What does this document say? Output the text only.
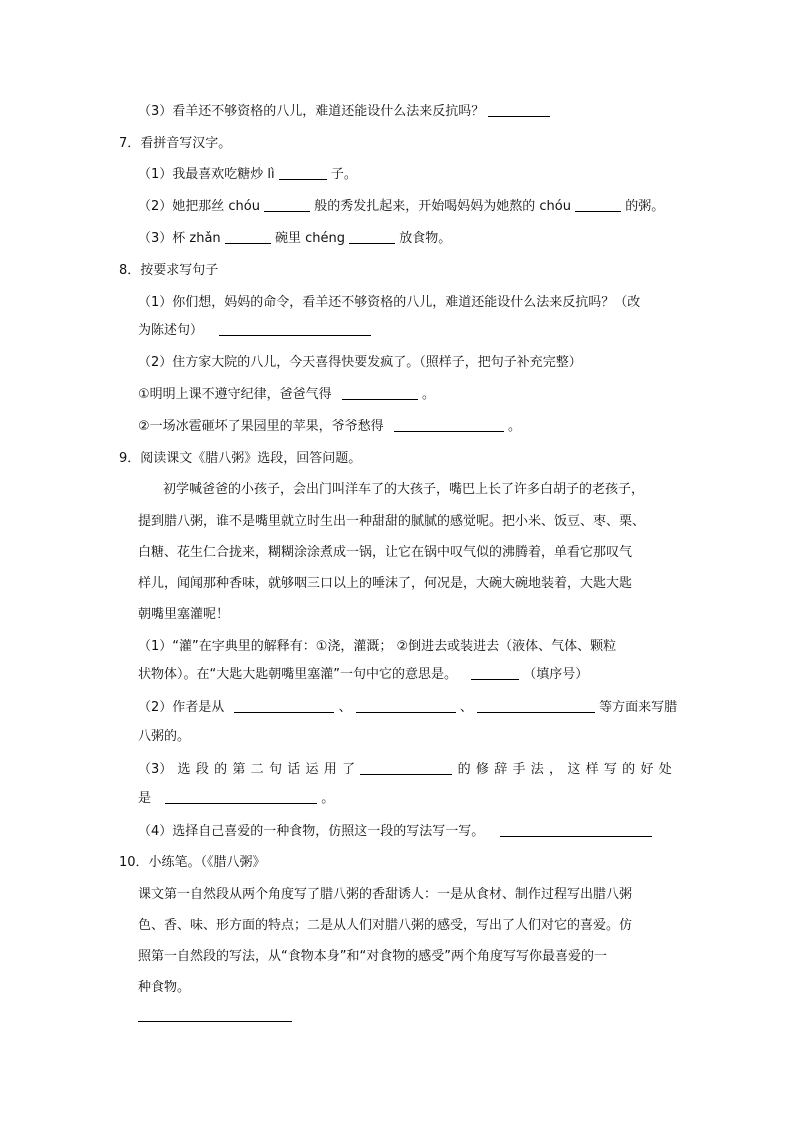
（3）看羊还不够资格的八儿，难道还能设什么法来反抗吗？
7．看拼音写汉字。
（1）我最喜欢吃糖炒 lì	子。
（2）她把那丝 chóu	般的秀发扎起来，开始喝妈妈为她熬的 chóu	的粥。
（3）杯 zhǎn	碗里 chéng	放食物。
8．按要求写句子
（1）你们想，妈妈的命令，看羊还不够资格的八儿，难道还能设什么法来反抗吗？（改
为陈述句）
（2）住方家大院的八儿，今天喜得快要发疯了。（照样子，把句子补充完整）
①明明上课不遵守纪律，爸爸气得	。
②一场冰雹砸坏了果园里的苹果，爷爷愁得	。
9．阅读课文《腊八粥》选段，回答问题。
初学喊爸爸的小孩子，会出门叫洋车了的大孩子，嘴巴上长了许多白胡子的老孩子，
提到腊八粥，谁不是嘴里就立时生出一种甜甜的腻腻的感觉呢。把小米、饭豆、枣、栗、
白糖、花生仁合拢来，糊糊涂涂煮成一锅，让它在锅中叹气似的沸腾着，单看它那叹气
样儿，闻闻那种香味，就够咽三口以上的唾沫了，何况是，大碗大碗地装着，大匙大匙
朝嘴里塞灌呢！
（1）“灌”在字典里的解释有：①浇，灌溉； ②倒进去或装进去（液体、气体、颗粒
状物体）。在“大匙大匙朝嘴里塞灌”一句中它的意思是。	（填序号）
（2）作者是从	、	、	等方面来写腊
八粥的。
（3） 选 段 的 第 二 句 话 运 用 了	的 修 辞 手 法 ， 这 样 写 的 好 处
是	。
（4）选择自己喜爱的一种食物，仿照这一段的写法写一写。
10．小练笔。（《腊八粥》
课文第一自然段从两个角度写了腊八粥的香甜诱人：一是从食材、制作过程写出腊八粥
色、香、味、形方面的特点；二是从人们对腊八粥的感受，写出了人们对它的喜爱。仿
照第一自然段的写法，从“食物本身”和“对食物的感受”两个角度写写你最喜爱的一
种食物。
